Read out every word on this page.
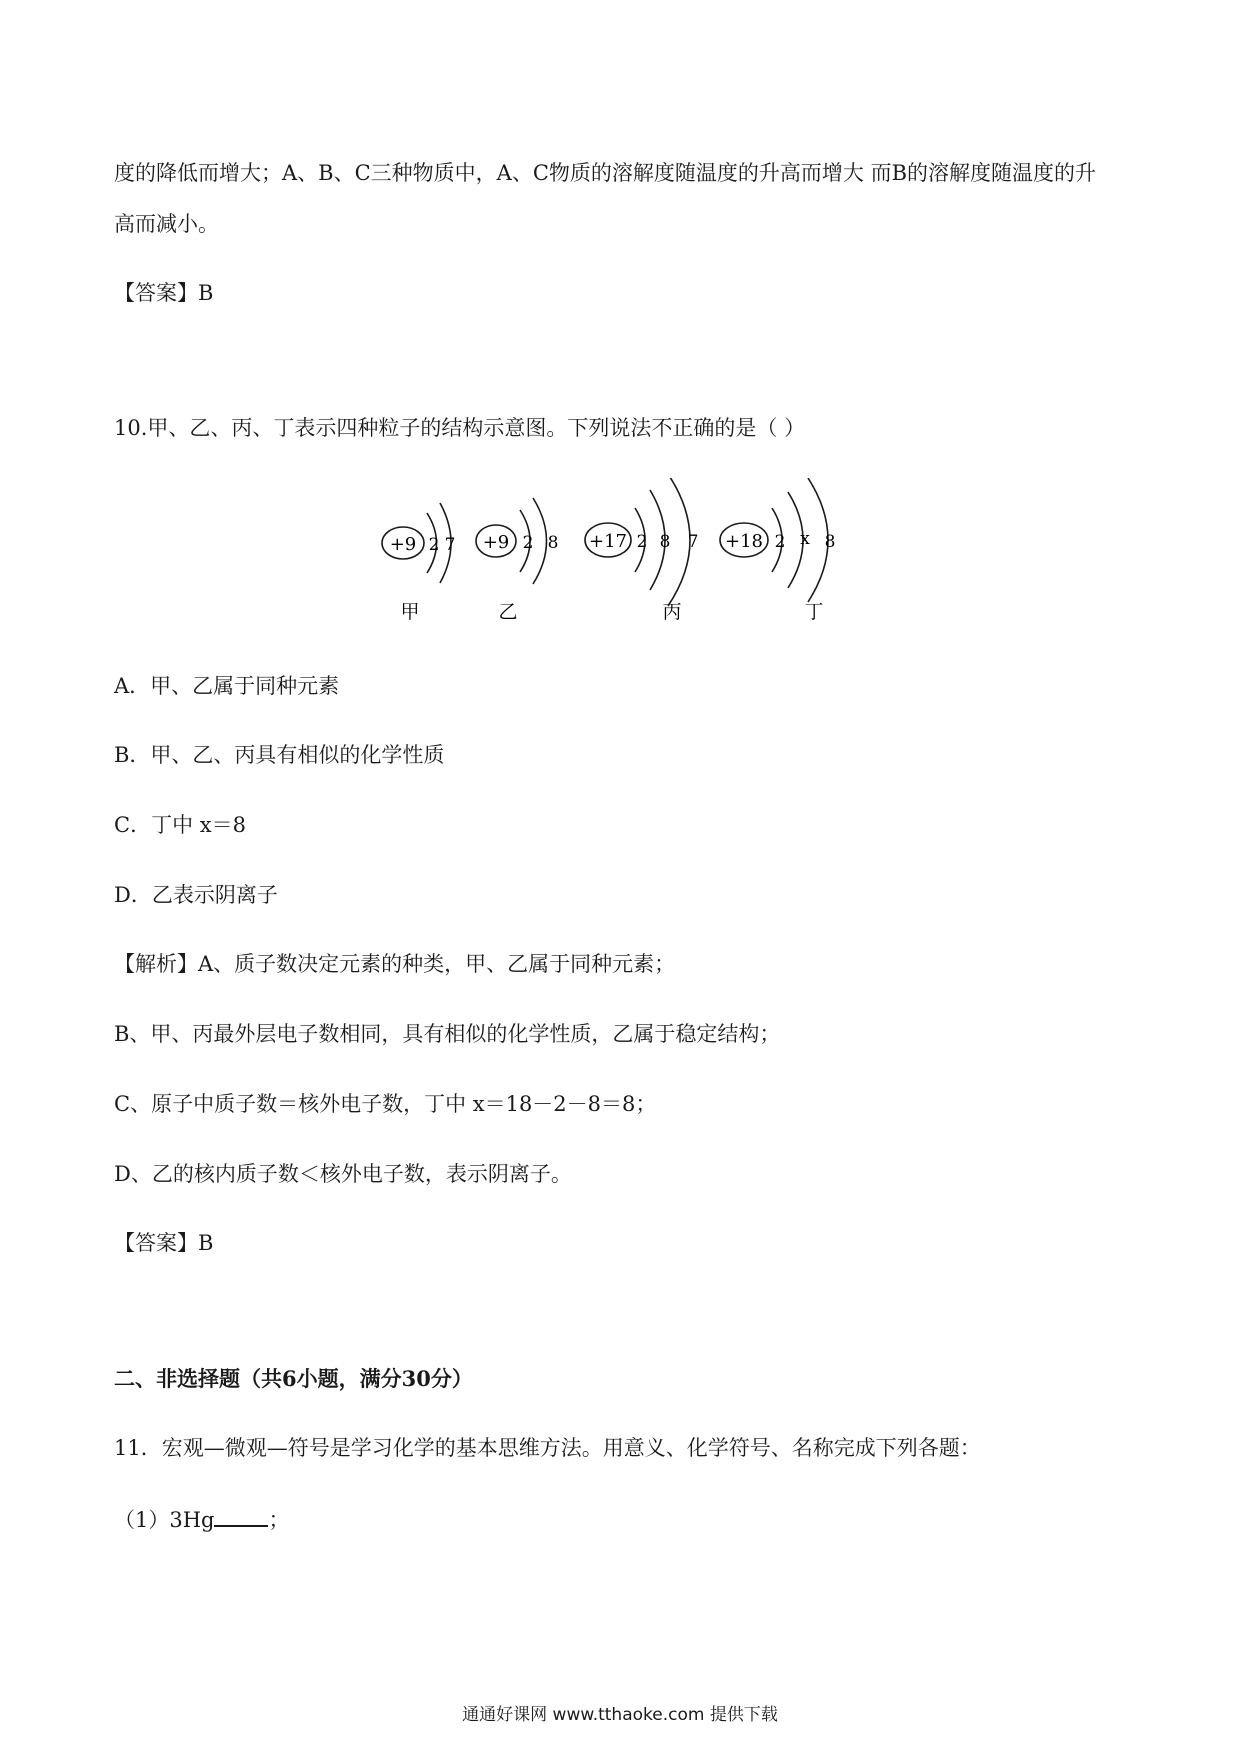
度的降低而增大；A、B、C三种物质中，A、C物质的溶解度随温度的升高而增大 而B的溶解度随温度的升
高而减小。
【答案】B
10.甲、乙、丙、丁表示四种粒子的结构示意图。下列说法不正确的是（ ）
+9 2 7
甲
+9 2 8
乙
+17 2 8 7
丙
+18 2 x 8
丁
A．甲、乙属于同种元素
B．甲、乙、丙具有相似的化学性质
C．丁中 x＝8
D．乙表示阴离子
【解析】A、质子数决定元素的种类，甲、乙属于同种元素；
B、甲、丙最外层电子数相同，具有相似的化学性质，乙属于稳定结构；
C、原子中质子数＝核外电子数，丁中 x＝18－2－8＝8；
D、乙的核内质子数＜核外电子数，表示阴离子。
【答案】B
二、非选择题（共6小题，满分30分）
11．宏观—微观—符号是学习化学的基本思维方法。用意义、化学符号、名称完成下列各题：
（1）3Hg	；
通通好课网 www.tthaoke.com 提供下载
